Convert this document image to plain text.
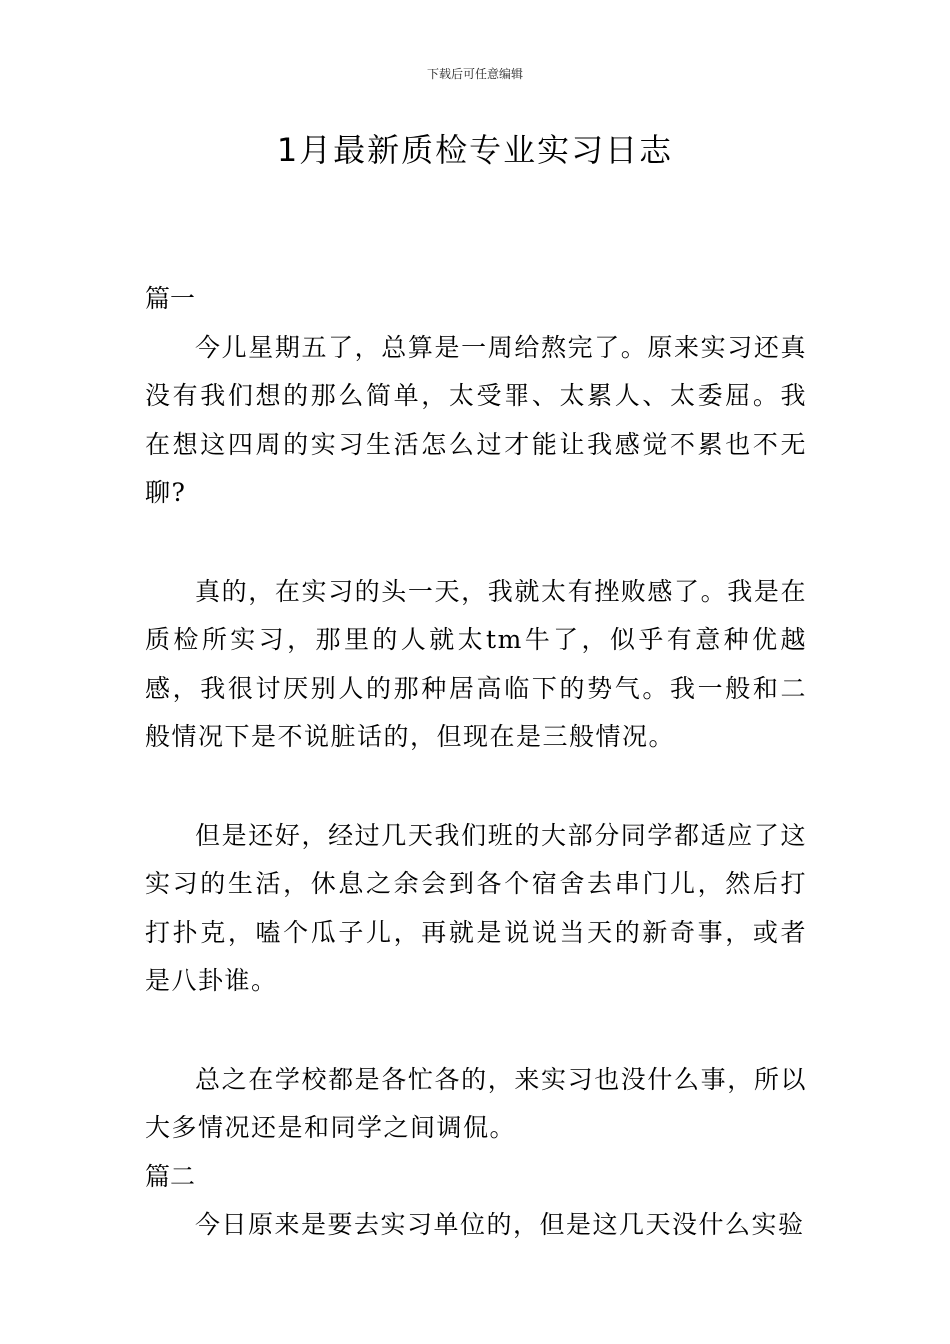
下载后可任意编辑
1月最新质检专业实习日志
篇一

今儿星期五了，总算是一周给熬完了。原来实习还真没有我们想的那么简单，太受罪、太累人、太委屈。我在想这四周的实习生活怎么过才能让我感觉不累也不无聊?

真的，在实习的头一天，我就太有挫败感了。我是在质检所实习，那里的人就太tm牛了，似乎有意种优越感，我很讨厌别人的那种居高临下的势气。我一般和二般情况下是不说脏话的，但现在是三般情况。

但是还好，经过几天我们班的大部分同学都适应了这实习的生活，休息之余会到各个宿舍去串门儿，然后打打扑克，嗑个瓜子儿，再就是说说当天的新奇事，或者是八卦谁。

总之在学校都是各忙各的，来实习也没什么事，所以大多情况还是和同学之间调侃。

篇二

今日原来是要去实习单位的，但是这几天没什么实验
